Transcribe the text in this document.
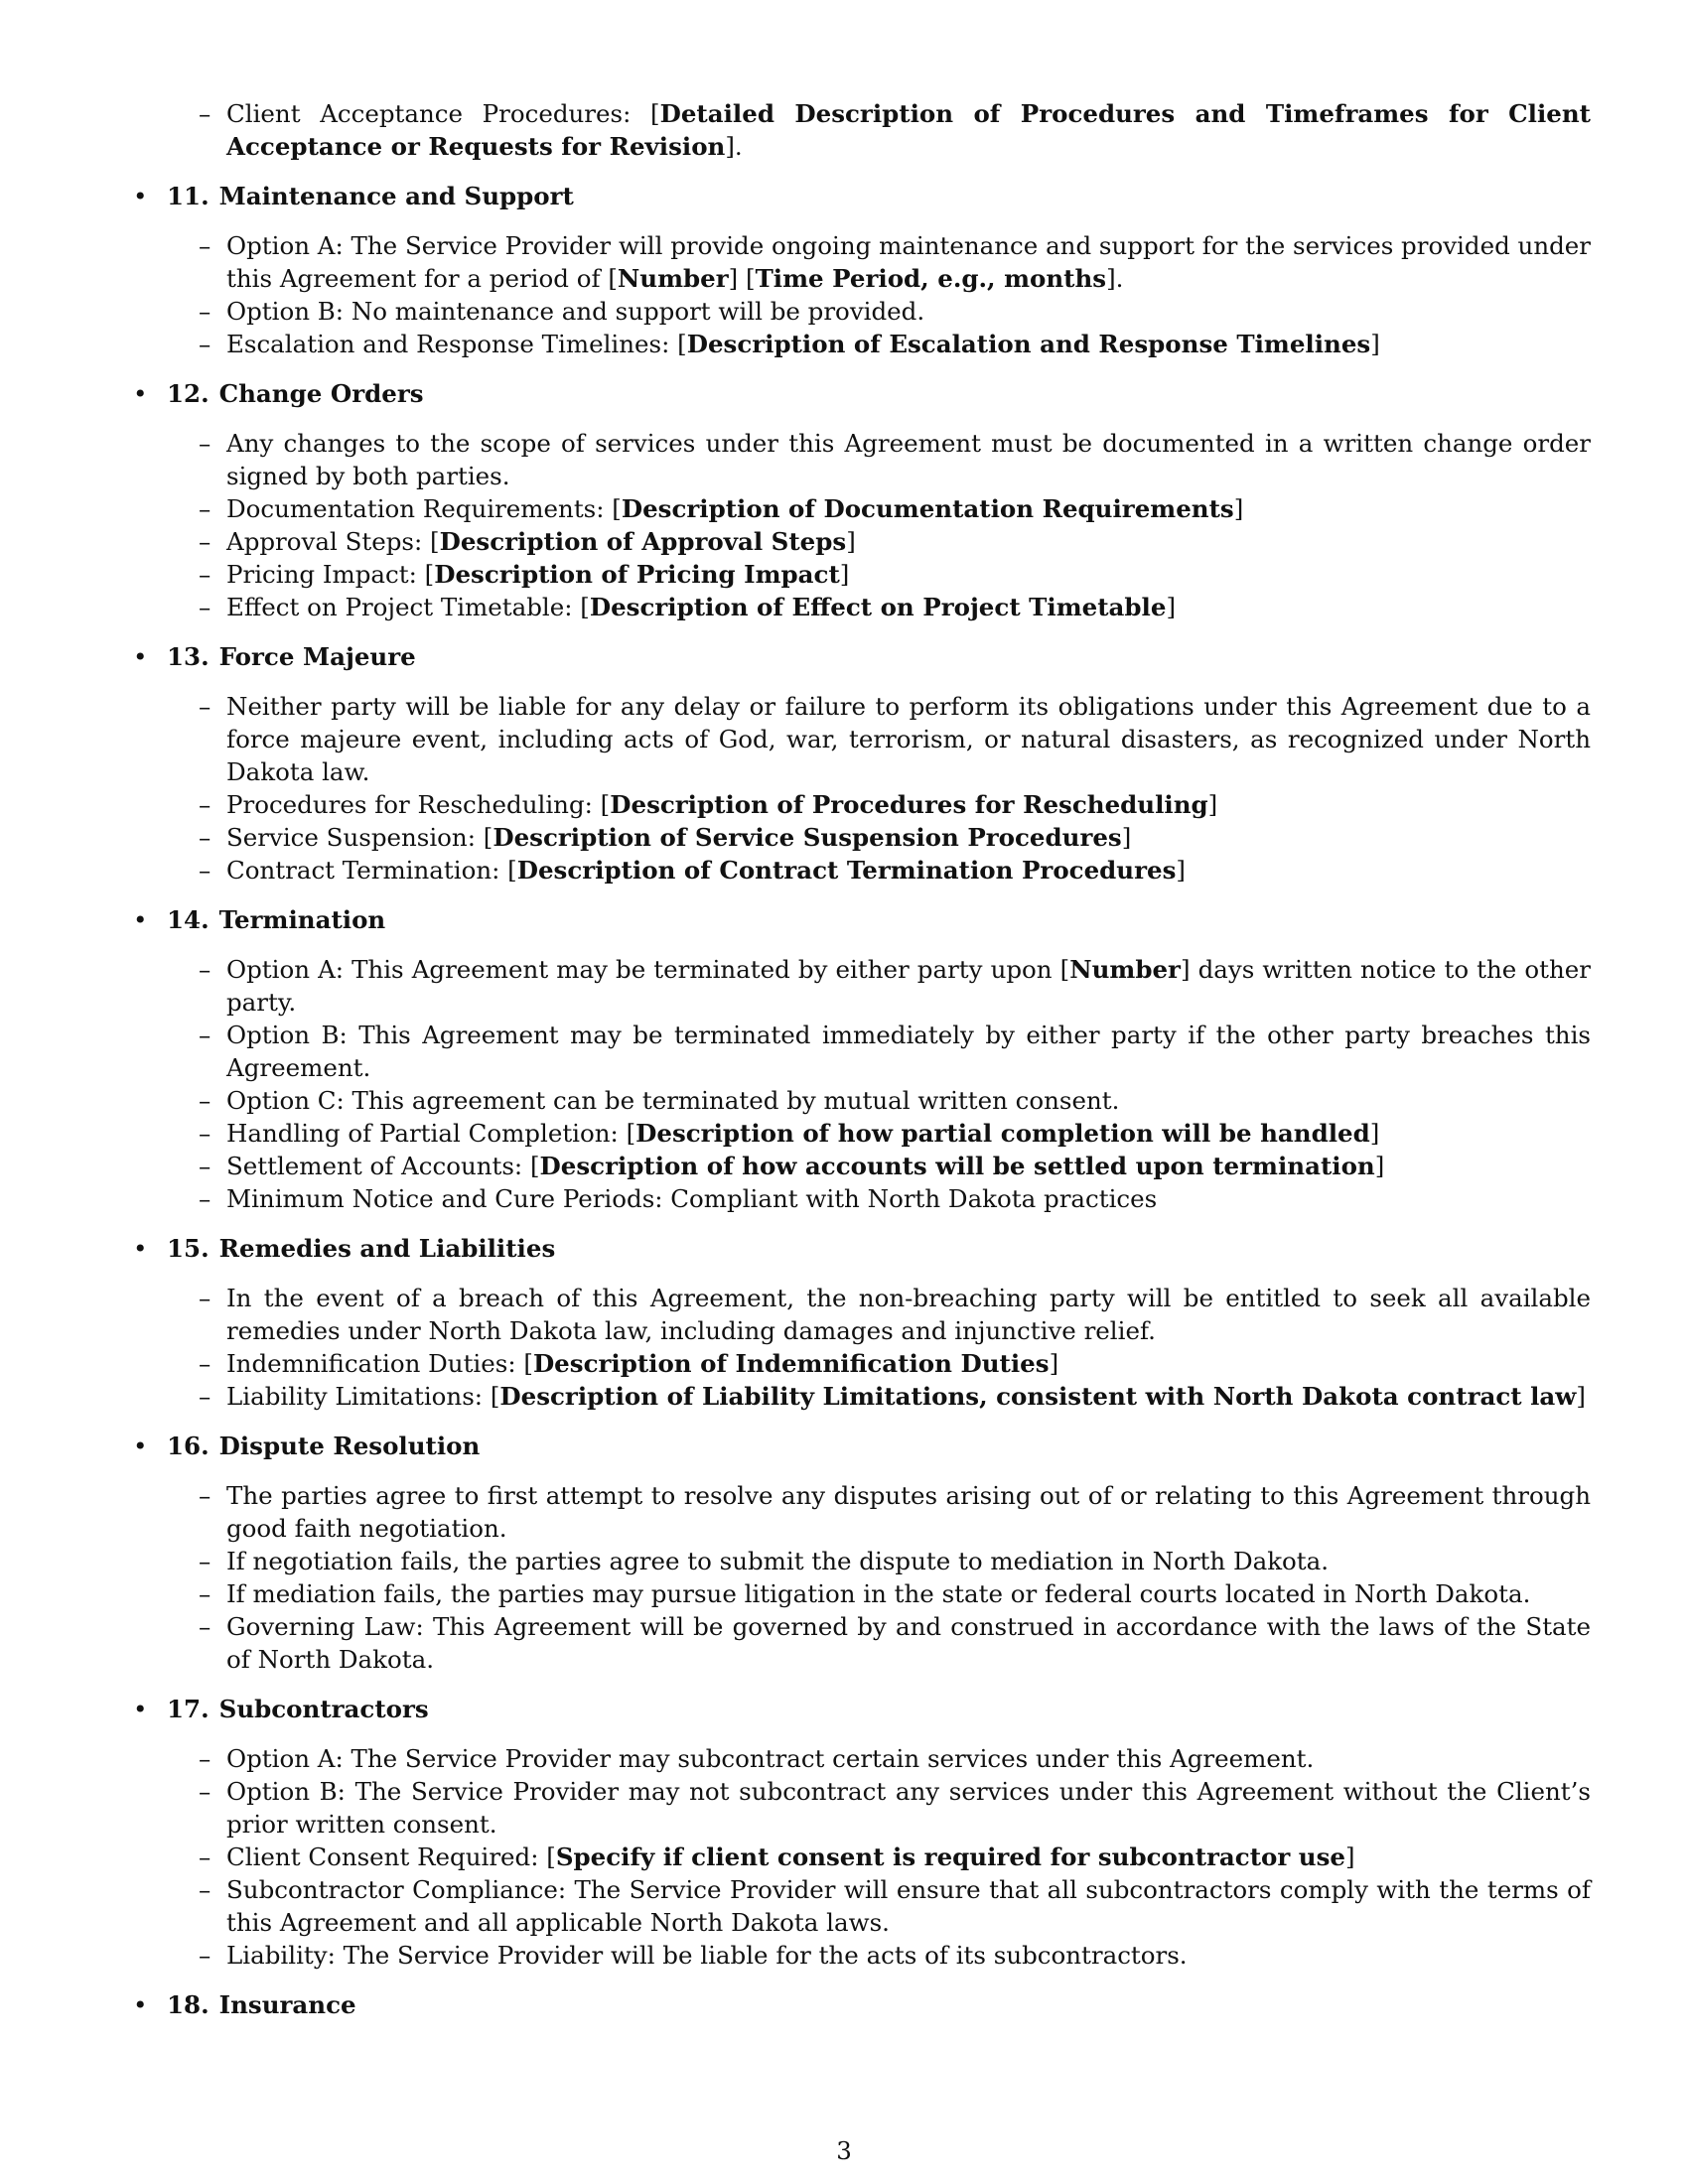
– Client Acceptance Procedures: [Detailed Description of Procedures and Timeframes for Client Acceptance or Requests for Revision].
• 11. Maintenance and Support
– Option A: The Service Provider will provide ongoing maintenance and support for the services provided under this Agreement for a period of [Number] [Time Period, e.g., months].
– Option B: No maintenance and support will be provided.
– Escalation and Response Timelines: [Description of Escalation and Response Timelines]
• 12. Change Orders
– Any changes to the scope of services under this Agreement must be documented in a written change order signed by both parties.
– Documentation Requirements: [Description of Documentation Requirements]
– Approval Steps: [Description of Approval Steps]
– Pricing Impact: [Description of Pricing Impact]
– Effect on Project Timetable: [Description of Effect on Project Timetable]
• 13. Force Majeure
– Neither party will be liable for any delay or failure to perform its obligations under this Agreement due to a force majeure event, including acts of God, war, terrorism, or natural disasters, as recognized under North Dakota law.
– Procedures for Rescheduling: [Description of Procedures for Rescheduling]
– Service Suspension: [Description of Service Suspension Procedures]
– Contract Termination: [Description of Contract Termination Procedures]
• 14. Termination
– Option A: This Agreement may be terminated by either party upon [Number] days written notice to the other party.
– Option B: This Agreement may be terminated immediately by either party if the other party breaches this Agreement.
– Option C: This agreement can be terminated by mutual written consent.
– Handling of Partial Completion: [Description of how partial completion will be handled]
– Settlement of Accounts: [Description of how accounts will be settled upon termination]
– Minimum Notice and Cure Periods: Compliant with North Dakota practices
• 15. Remedies and Liabilities
– In the event of a breach of this Agreement, the non-breaching party will be entitled to seek all available remedies under North Dakota law, including damages and injunctive relief.
– Indemnification Duties: [Description of Indemnification Duties]
– Liability Limitations: [Description of Liability Limitations, consistent with North Dakota contract law]
• 16. Dispute Resolution
– The parties agree to first attempt to resolve any disputes arising out of or relating to this Agreement through good faith negotiation.
– If negotiation fails, the parties agree to submit the dispute to mediation in North Dakota.
– If mediation fails, the parties may pursue litigation in the state or federal courts located in North Dakota.
– Governing Law: This Agreement will be governed by and construed in accordance with the laws of the State of North Dakota.
• 17. Subcontractors
– Option A: The Service Provider may subcontract certain services under this Agreement.
– Option B: The Service Provider may not subcontract any services under this Agreement without the Client’s prior written consent.
– Client Consent Required: [Specify if client consent is required for subcontractor use]
– Subcontractor Compliance: The Service Provider will ensure that all subcontractors comply with the terms of this Agreement and all applicable North Dakota laws.
– Liability: The Service Provider will be liable for the acts of its subcontractors.
• 18. Insurance
3
